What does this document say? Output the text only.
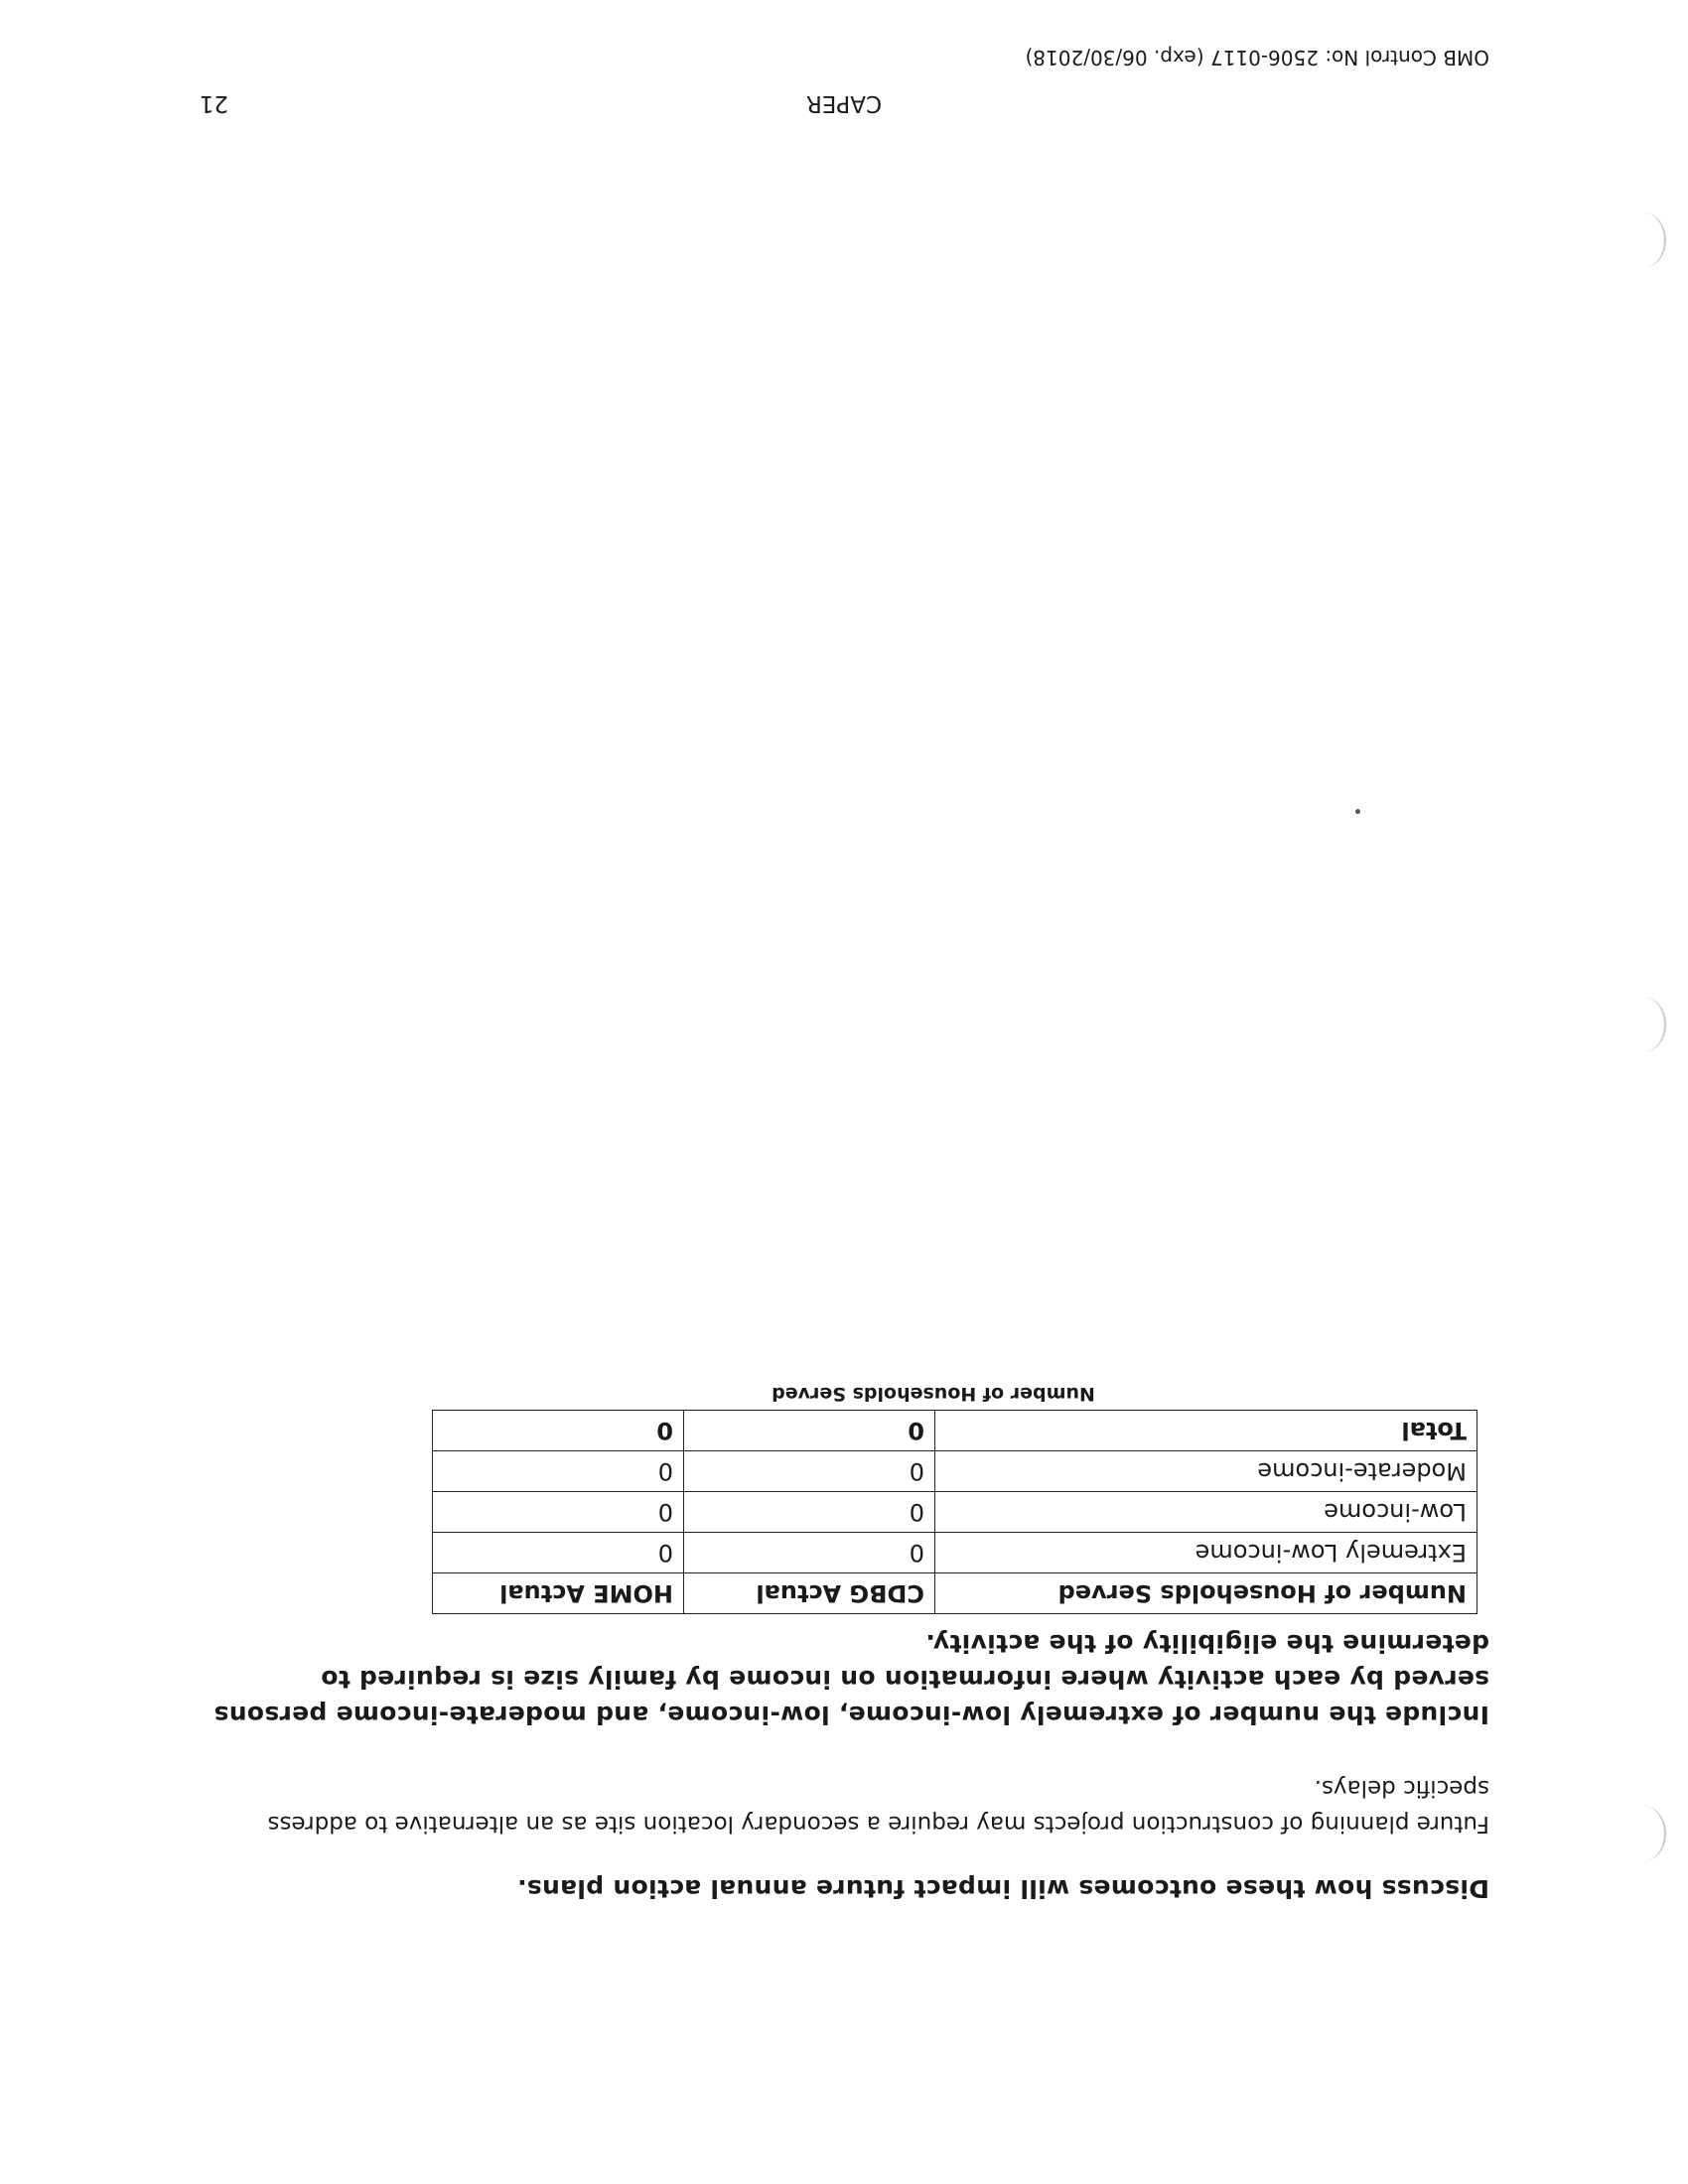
Discuss how these outcomes will impact future annual action plans.
Future planning of construction projects may require a secondary location site as an alternative to address specific delays.
Include the number of extremely low-income, low-income, and moderate-income persons served by each activity where information on income by family size is required to determine the eligibility of the activity.
Number of Households Served	CDBG Actual	HOME Actual
Extremely Low-income	0	0
Low-income	0	0
Moderate-income	0	0
Total	0	0
Number of Households Served
CAPER
21
OMB Control No: 2506-0117 (exp. 06/30/2018)
